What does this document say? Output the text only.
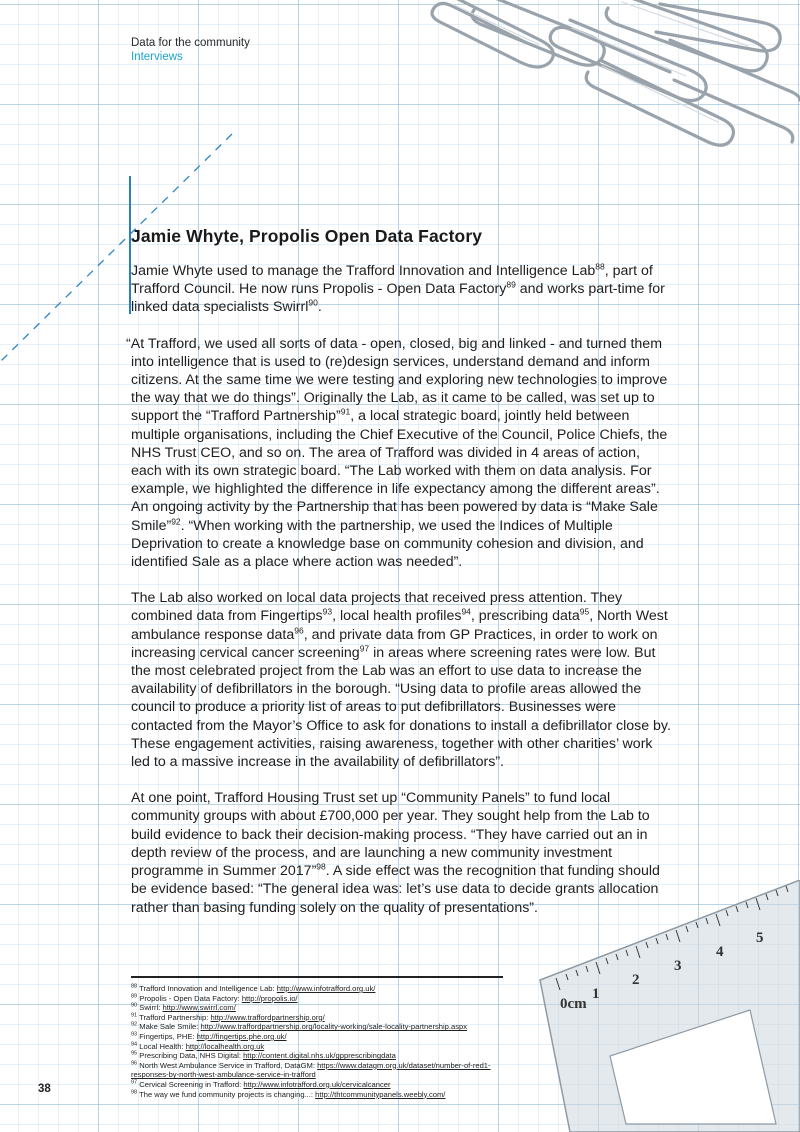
0cm
1
2
3
4
5
Data for the community
Interviews
Jamie Whyte, Propolis Open Data Factory

Jamie Whyte used to manage the Trafford Innovation and Intelligence Lab$^{88}$, part of Trafford Council. He now runs Propolis - Open Data Factory$^{89}$ and works part-time for linked data specialists Swirrl$^{90}$.

“At Trafford, we used all sorts of data - open, closed, big and linked - and turned them into intelligence that is used to (re)design services, understand demand and inform citizens. At the same time we were testing and exploring new technologies to improve the way that we do things”. Originally the Lab, as it came to be called, was set up to support the “Trafford Partnership”$^{91}$, a local strategic board, jointly held between multiple organisations, including the Chief Executive of the Council, Police Chiefs, the NHS Trust CEO, and so on. The area of Trafford was divided in 4 areas of action, each with its own strategic board. “The Lab worked with them on data analysis. For example, we highlighted the difference in life expectancy among the different areas”. An ongoing activity by the Partnership that has been powered by data is “Make Sale Smile”$^{92}$. “When working with the partnership, we used the Indices of Multiple Deprivation to create a knowledge base on community cohesion and division, and identified Sale as a place where action was needed”.

The Lab also worked on local data projects that received press attention. They combined data from Fingertips$^{93}$, local health profiles$^{94}$, prescribing data$^{95}$, North West ambulance response data$^{96}$, and private data from GP Practices, in order to work on increasing cervical cancer screening$^{97}$ in areas where screening rates were low. But the most celebrated project from the Lab was an effort to use data to increase the availability of defibrillators in the borough. “Using data to profile areas allowed the council to produce a priority list of areas to put defibrillators. Businesses were contacted from the Mayor’s Office to ask for donations to install a defibrillator close by. These engagement activities, raising awareness, together with other charities’ work led to a massive increase in the availability of defibrillators”.

At one point, Trafford Housing Trust set up “Community Panels” to fund local community groups with about £700,000 per year. They sought help from the Lab to build evidence to back their decision-making process. “They have carried out an in depth review of the process, and are launching a new community investment programme in Summer 2017”$^{98}$. A side effect was the recognition that funding should be evidence based: “The general idea was: let’s use data to decide grants allocation rather than basing funding solely on the quality of presentations”.

$^{88}$ Trafford Innovation and Intelligence Lab: http://www.infotrafford.org.uk/
$^{89}$ Propolis - Open Data Factory: http://propolis.io/
$^{90}$ Swirrl: http://www.swirrl.com/
$^{91}$ Trafford Partnership: http://www.traffordpartnership.org/
$^{92}$ Make Sale Smile: http://www.traffordpartnership.org/locality-working/sale-locality-partnership.aspx
$^{93}$ Fingertips, PHE: http://fingertips.phe.org.uk/
$^{94}$ Local Health: http://localhealth.org.uk
$^{95}$ Prescribing Data, NHS Digital: http://content.digital.nhs.uk/gpprescribingdata
$^{96}$ North West Ambulance Service in Trafford, DataGM: https://www.datagm.org.uk/dataset/number-of-red1-responses-by-north-west-ambulance-service-in-trafford
$^{97}$ Cervical Screening in Trafford: http://www.infotrafford.org.uk/cervicalcancer
$^{98}$ The way we fund community projects is changing...: http://thtcommunitypanels.weebly.com/
38
